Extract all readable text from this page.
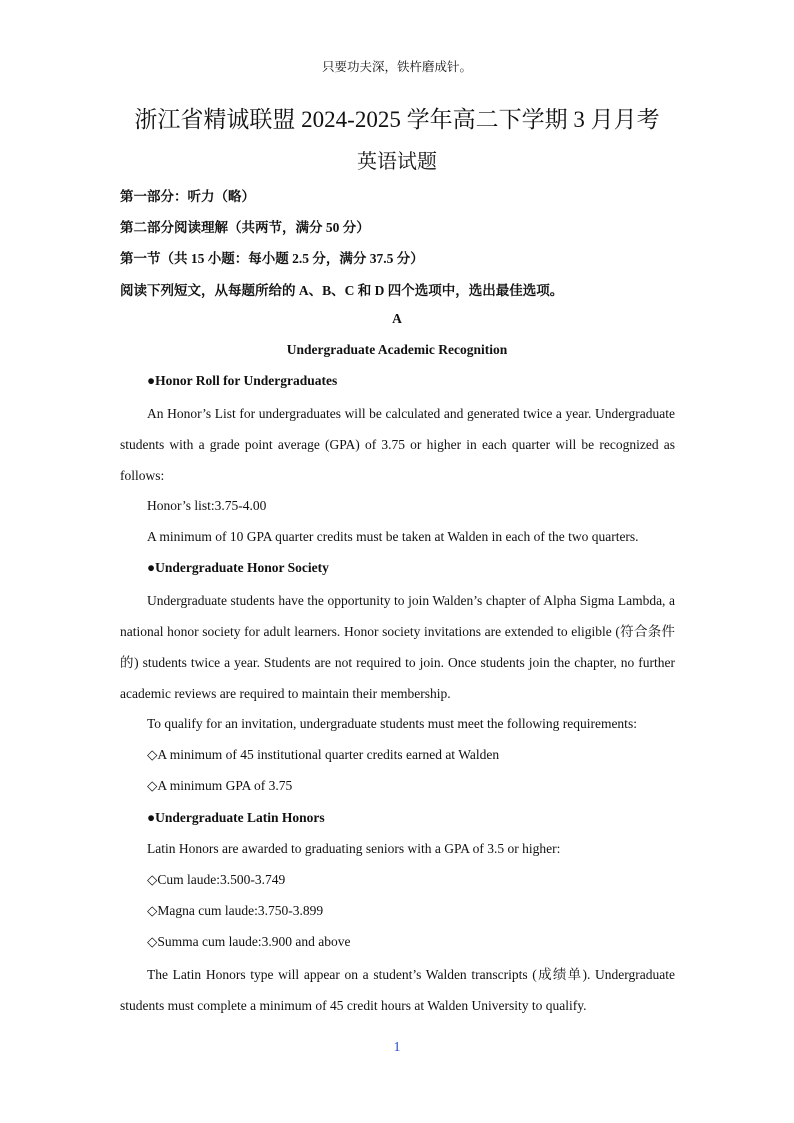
只要功夫深，铁杵磨成针。
浙江省精诚联盟 2024-2025 学年高二下学期 3 月月考
英语试题
第一部分：听力（略）
第二部分阅读理解（共两节，满分 50 分）
第一节（共 15 小题：每小题 2.5 分，满分 37.5 分）
阅读下列短文，从每题所给的 A、B、C 和 D 四个选项中，选出最佳选项。
A
Undergraduate Academic Recognition
●Honor Roll for Undergraduates
An Honor’s List for undergraduates will be calculated and generated twice a year. Undergraduate students with a grade point average (GPA) of 3.75 or higher in each quarter will be recognized as follows:
Honor’s list:3.75-4.00
A minimum of 10 GPA quarter credits must be taken at Walden in each of the two quarters.
●Undergraduate Honor Society
Undergraduate students have the opportunity to join Walden’s chapter of Alpha Sigma Lambda, a national honor society for adult learners. Honor society invitations are extended to eligible (符合条件的) students twice a year. Students are not required to join. Once students join the chapter, no further academic reviews are required to maintain their membership.
To qualify for an invitation, undergraduate students must meet the following requirements:
◇A minimum of 45 institutional quarter credits earned at Walden
◇A minimum GPA of 3.75
●Undergraduate Latin Honors
Latin Honors are awarded to graduating seniors with a GPA of 3.5 or higher:
◇Cum laude:3.500-3.749
◇Magna cum laude:3.750-3.899
◇Summa cum laude:3.900 and above
The Latin Honors type will appear on a student’s Walden transcripts (成绩单). Undergraduate students must complete a minimum of 45 credit hours at Walden University to qualify.
1
